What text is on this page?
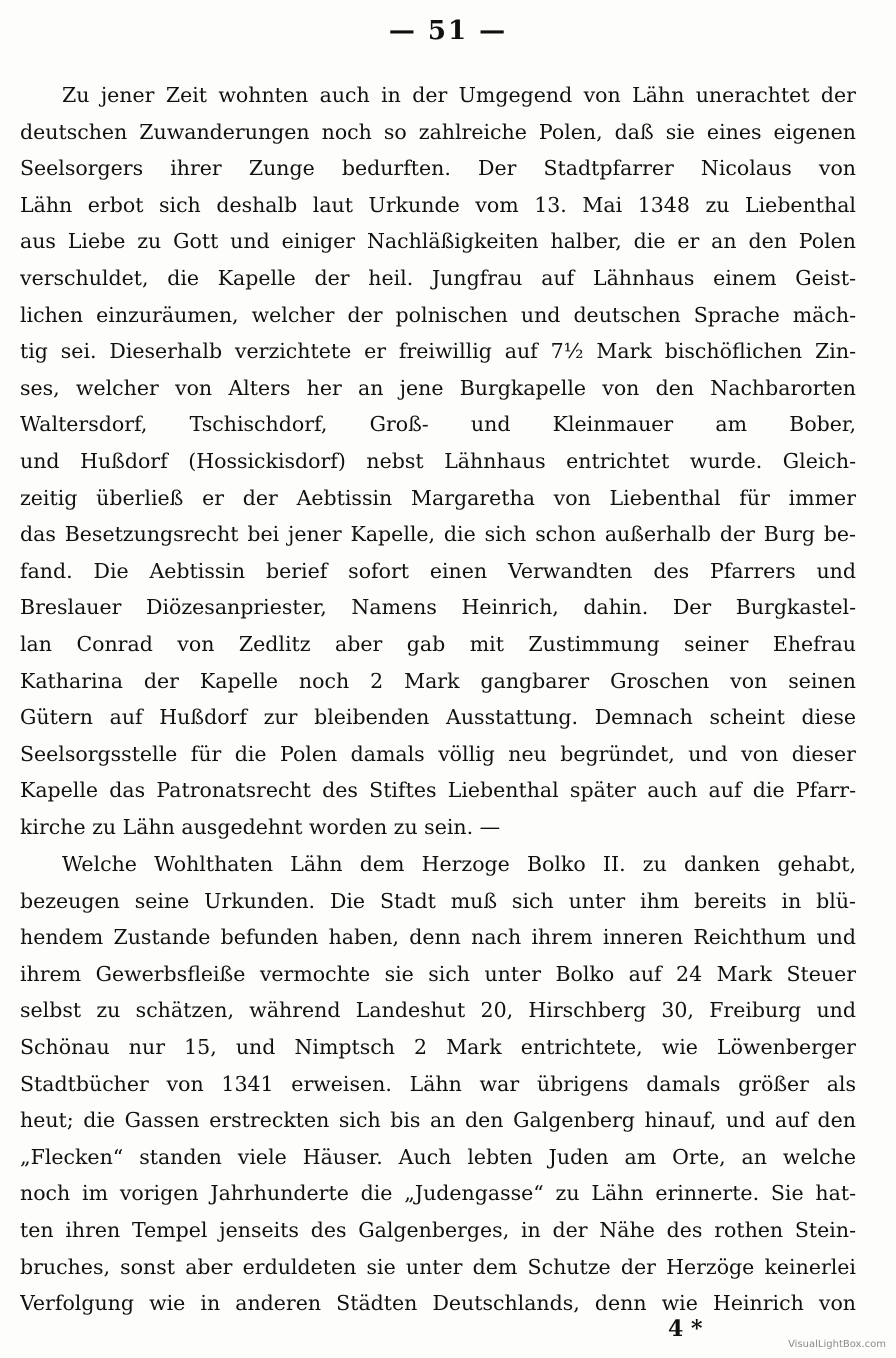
— 51 —
Zu jener Zeit wohnten auch in der Umgegend von Lähn unerachtet der
deutschen Zuwanderungen noch so zahlreiche Polen, daß sie eines eigenen
Seelsorgers ihrer Zunge bedurften. Der Stadtpfarrer Nicolaus von
Lähn erbot sich deshalb laut Urkunde vom 13. Mai 1348 zu Liebenthal
aus Liebe zu Gott und einiger Nachläßigkeiten halber, die er an den Polen
verschuldet, die Kapelle der heil. Jungfrau auf Lähnhaus einem Geist-
lichen einzuräumen, welcher der polnischen und deutschen Sprache mäch-
tig sei. Dieserhalb verzichtete er freiwillig auf 7½ Mark bischöflichen Zin-
ses, welcher von Alters her an jene Burgkapelle von den Nachbarorten
Waltersdorf, Tschischdorf, Groß- und Kleinmauer am Bober,
und Hußdorf (Hossickisdorf) nebst Lähnhaus entrichtet wurde. Gleich-
zeitig überließ er der Aebtissin Margaretha von Liebenthal für immer
das Besetzungsrecht bei jener Kapelle, die sich schon außerhalb der Burg be-
fand. Die Aebtissin berief sofort einen Verwandten des Pfarrers und
Breslauer Diözesanpriester, Namens Heinrich, dahin. Der Burgkastel-
lan Conrad von Zedlitz aber gab mit Zustimmung seiner Ehefrau
Katharina der Kapelle noch 2 Mark gangbarer Groschen von seinen
Gütern auf Hußdorf zur bleibenden Ausstattung. Demnach scheint diese
Seelsorgsstelle für die Polen damals völlig neu begründet, und von dieser
Kapelle das Patronatsrecht des Stiftes Liebenthal später auch auf die Pfarr-
kirche zu Lähn ausgedehnt worden zu sein. —
Welche Wohlthaten Lähn dem Herzoge Bolko II. zu danken gehabt,
bezeugen seine Urkunden. Die Stadt muß sich unter ihm bereits in blü-
hendem Zustande befunden haben, denn nach ihrem inneren Reichthum und
ihrem Gewerbsfleiße vermochte sie sich unter Bolko auf 24 Mark Steuer
selbst zu schätzen, während Landeshut 20, Hirschberg 30, Freiburg und
Schönau nur 15, und Nimptsch 2 Mark entrichtete, wie Löwenberger
Stadtbücher von 1341 erweisen. Lähn war übrigens damals größer als
heut; die Gassen erstreckten sich bis an den Galgenberg hinauf, und auf den
„Flecken“ standen viele Häuser. Auch lebten Juden am Orte, an welche
noch im vorigen Jahrhunderte die „Judengasse“ zu Lähn erinnerte. Sie hat-
ten ihren Tempel jenseits des Galgenberges, in der Nähe des rothen Stein-
bruches, sonst aber erduldeten sie unter dem Schutze der Herzöge keinerlei
Verfolgung wie in anderen Städten Deutschlands, denn wie Heinrich von
4 *
VisualLightBox.com
